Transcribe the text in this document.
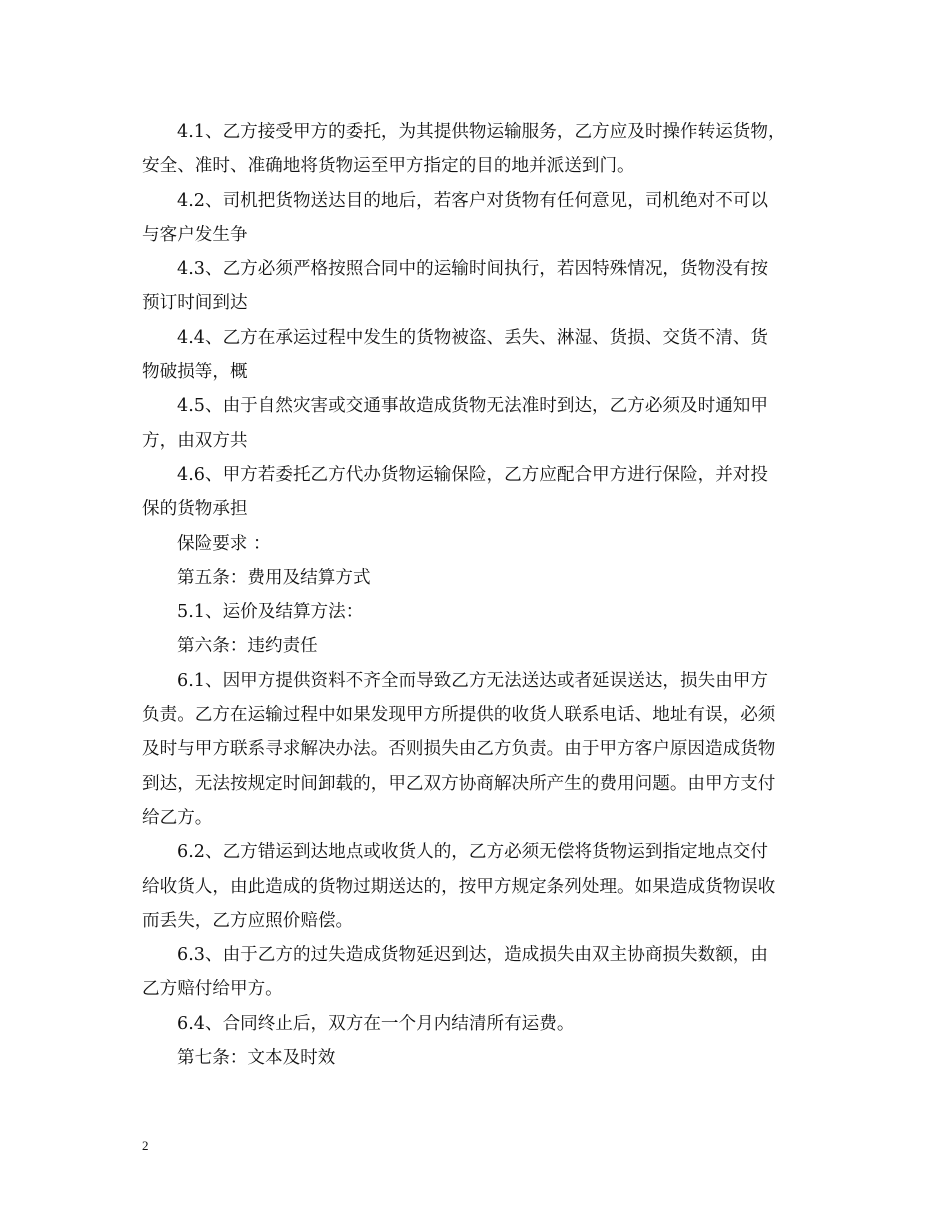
4.1、乙方接受甲方的委托，为其提供物运输服务，乙方应及时操作转运货物，
安全、准时、准确地将货物运至甲方指定的目的地并派送到门。
4.2、司机把货物送达目的地后，若客户对货物有任何意见，司机绝对不可以
与客户发生争
4.3、乙方必须严格按照合同中的运输时间执行，若因特殊情况，货物没有按
预订时间到达
4.4、乙方在承运过程中发生的货物被盗、丢失、淋湿、货损、交货不清、货
物破损等，概
4.5、由于自然灾害或交通事故造成货物无法准时到达，乙方必须及时通知甲
方，由双方共
4.6、甲方若委托乙方代办货物运输保险，乙方应配合甲方进行保险，并对投
保的货物承担
保险要求 ：
第五条：费用及结算方式
5.1、运价及结算方法：
第六条：违约责任
6.1、因甲方提供资料不齐全而导致乙方无法送达或者延误送达，损失由甲方
负责。乙方在运输过程中如果发现甲方所提供的收货人联系电话、地址有误，必须
及时与甲方联系寻求解决办法。否则损失由乙方负责。由于甲方客户原因造成货物
到达，无法按规定时间卸载的，甲乙双方协商解决所产生的费用问题。由甲方支付
给乙方。
6.2、乙方错运到达地点或收货人的，乙方必须无偿将货物运到指定地点交付
给收货人，由此造成的货物过期送达的，按甲方规定条列处理。如果造成货物误收
而丢失，乙方应照价赔偿。
6.3、由于乙方的过失造成货物延迟到达，造成损失由双主协商损失数额，由
乙方赔付给甲方。
6.4、合同终止后，双方在一个月内结清所有运费。
第七条：文本及时效
2
